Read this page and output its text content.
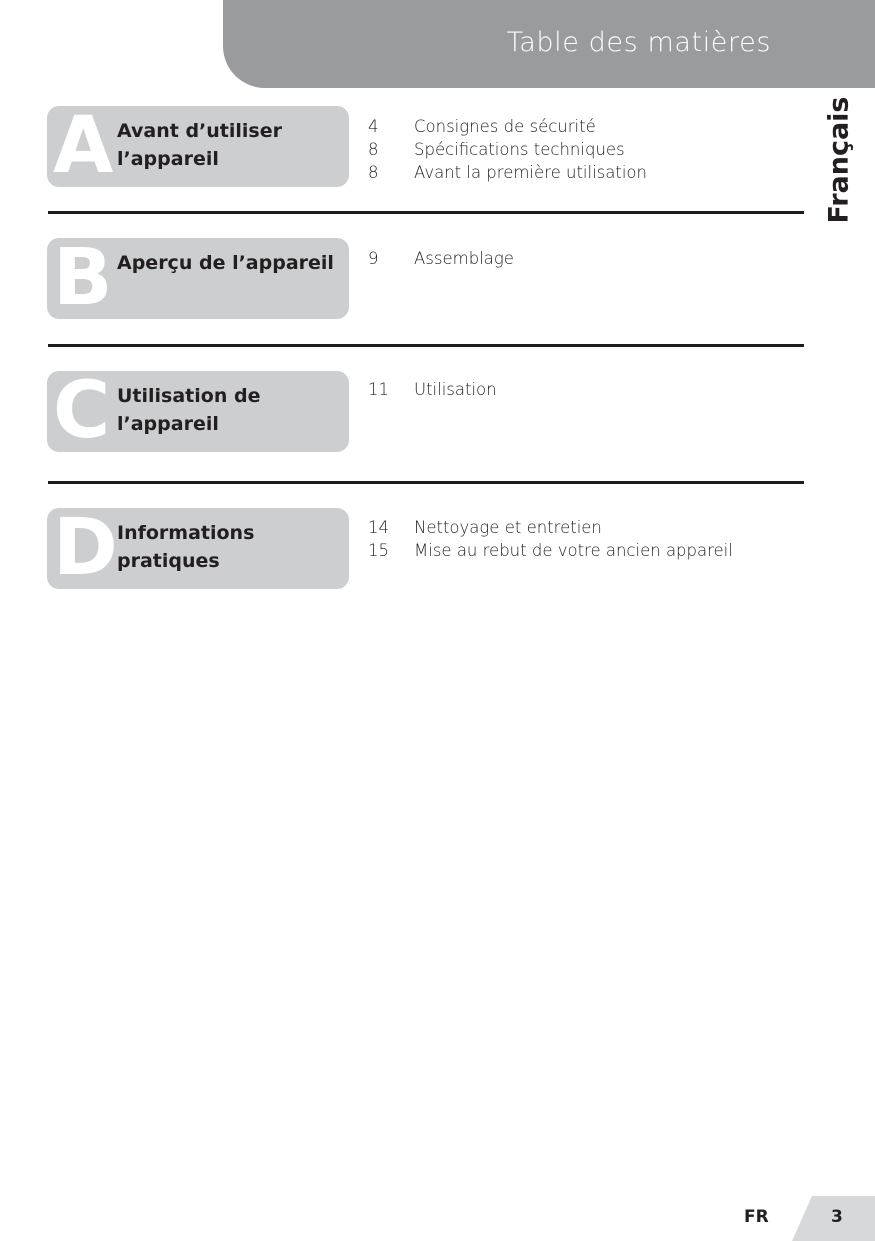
Table des matières
Français
A Avant d’utiliser l’appareil
4	Consignes de sécurité
8	Spécifications techniques
8	Avant la première utilisation
B Aperçu de l’appareil	9	Assemblage
C Utilisation de l’appareil
11	Utilisation
D Informations pratiques
14	Nettoyage et entretien
15	Mise au rebut de votre ancien appareil
FR	3
